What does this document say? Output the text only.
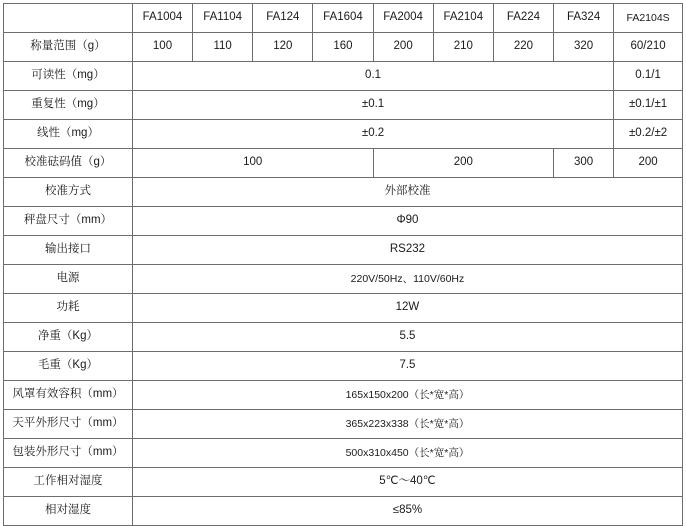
	FA1004	FA1104	FA124	FA1604	FA2004	FA2104	FA224	FA324	FA2104S
称量范围（g）	100	110	120	160	200	210	220	320	60/210
可读性（mg）	0.1								0.1/1
重复性（mg）	±0.1								±0.1/±1
线性（mg）	±0.2								±0.2/±2
校准砝码值（g）	100				200			300	200
校准方式	外部校准								
秤盘尺寸（mm）	Φ90								
输出接口	RS232								
电源	220V/50Hz、110V/60Hz								
功耗	12W								
净重（Kg）	5.5								
毛重（Kg）	7.5								
风罩有效容积（mm）	165x150x200（长*宽*高）								
天平外形尺寸（mm）	365x223x338（长*宽*高）								
包装外形尺寸（mm）	500x310x450（长*宽*高）								
工作相对湿度	5℃～40℃								
相对湿度	≤85%								
